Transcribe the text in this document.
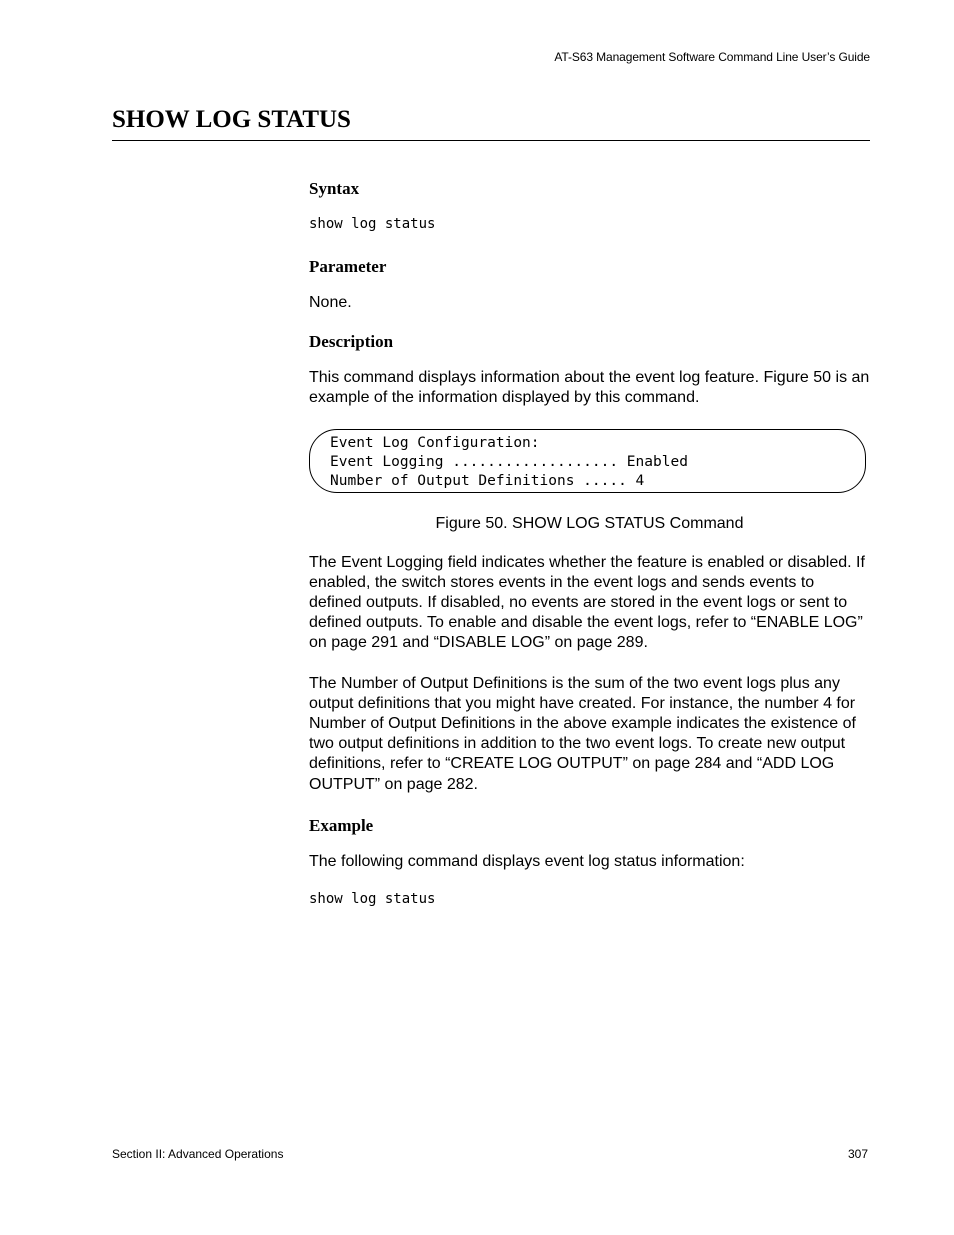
AT-S63 Management Software Command Line User’s Guide
SHOW LOG STATUS
Syntax
show log status
Parameter
None.
Description
This command displays information about the event log feature. Figure 50 is an example of the information displayed by this command.
Event Log Configuration:
Event Logging ................... Enabled
Number of Output Definitions ..... 4
Figure 50. SHOW LOG STATUS Command
The Event Logging field indicates whether the feature is enabled or disabled. If enabled, the switch stores events in the event logs and sends events to defined outputs. If disabled, no events are stored in the event logs or sent to defined outputs. To enable and disable the event logs, refer to “ENABLE LOG” on page 291 and “DISABLE LOG” on page 289.
The Number of Output Definitions is the sum of the two event logs plus any output definitions that you might have created. For instance, the number 4 for Number of Output Definitions in the above example indicates the existence of two output definitions in addition to the two event logs. To create new output definitions, refer to “CREATE LOG OUTPUT” on page 284 and “ADD LOG OUTPUT” on page 282.
Example
The following command displays event log status information:
show log status
Section II: Advanced Operations	307
